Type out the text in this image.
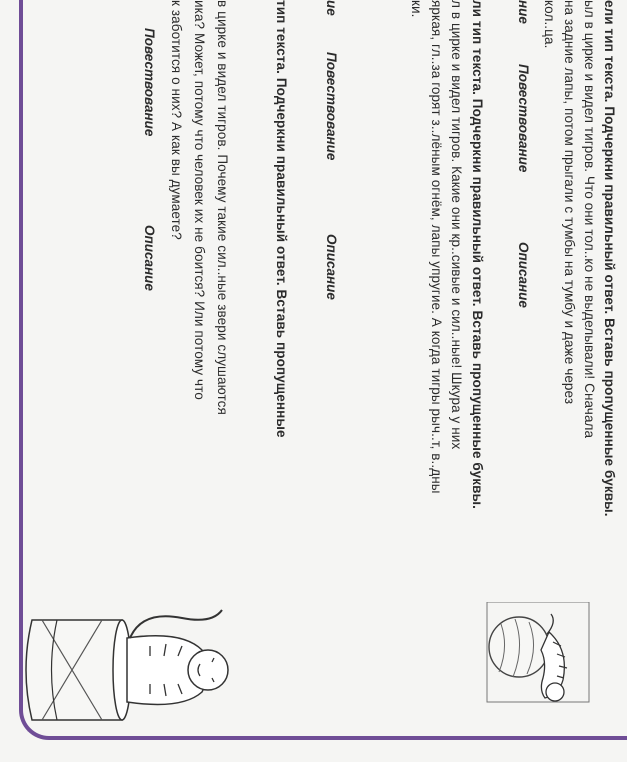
ели тип текста. Подчеркни правильный ответ. Вставь пропущенные буквы.
ыл в цирке и видел тигров. Что они тол..ко не выделывали! Сначала
на задние лапы, потом прыгали с тумбы на тумбу и даже через
кол..ца.
ние
Повествование
Описание
ли тип текста. Подчеркни правильный ответ. Вставь пропущенные буквы.
л в цирке и видел тигров. Какие они кр..сивые и сил..ные! Шкура у них
яркая, гл..за горят з..лёным огнём, лапы упругие. А когда тигры рыч..т, в..дны
ки.
ие
Повествование
Описание
тип текста. Подчеркни правильный ответ. Вставь пропущенные
в цирке и видел тигров. Почему такие сил..ные звери слушаются
ика? Может, потому что человек их не боится? Или потому что
к заботится о них? А как вы думаете?
Повествование
Описание
